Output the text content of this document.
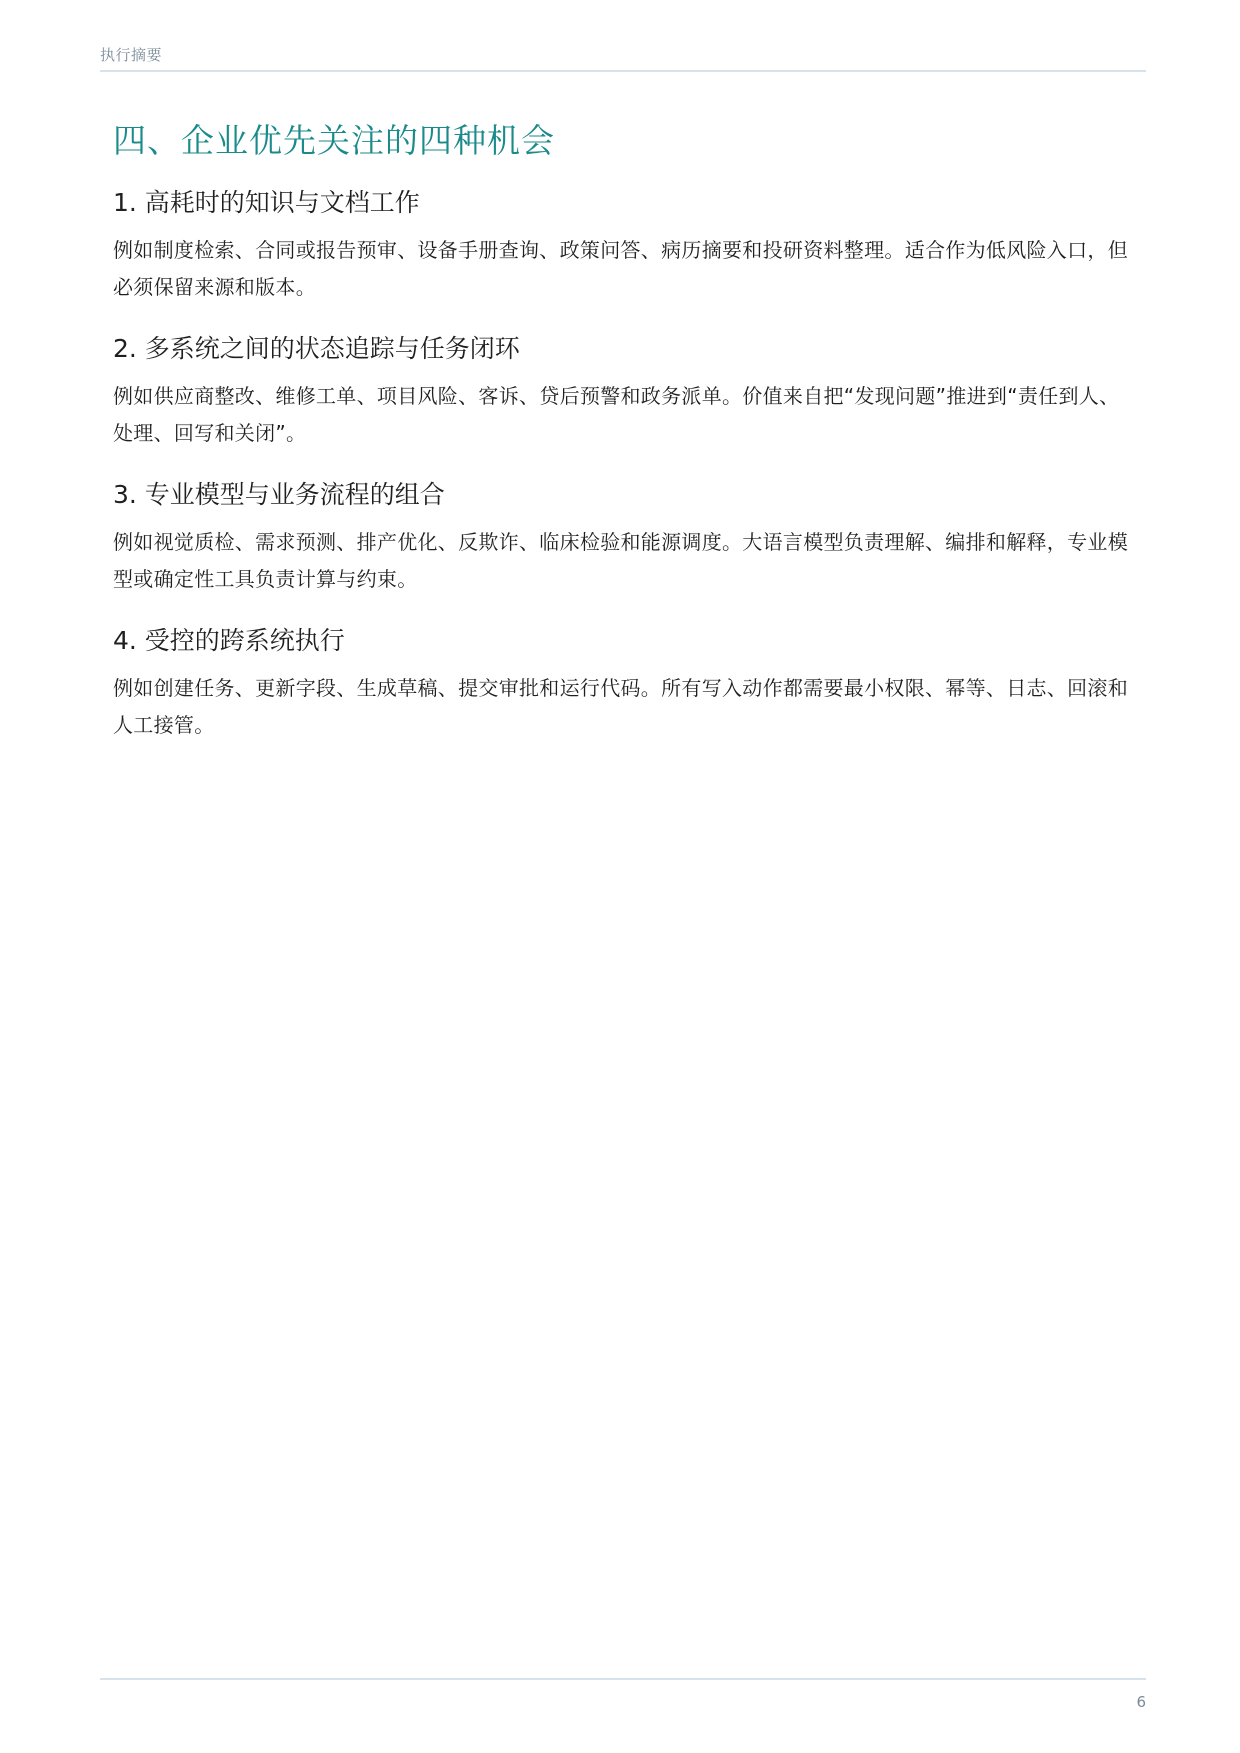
执行摘要
四、企业优先关注的四种机会
1. 高耗时的知识与文档工作

例如制度检索、合同或报告预审、设备手册查询、政策问答、病历摘要和投研资料整理。适合作为低风险入口，但必须保留来源和版本。

2. 多系统之间的状态追踪与任务闭环

例如供应商整改、维修工单、项目风险、客诉、贷后预警和政务派单。价值来自把“发现问题”推进到“责任到人、处理、回写和关闭”。

3. 专业模型与业务流程的组合

例如视觉质检、需求预测、排产优化、反欺诈、临床检验和能源调度。大语言模型负责理解、编排和解释，专业模型或确定性工具负责计算与约束。

4. 受控的跨系统执行

例如创建任务、更新字段、生成草稿、提交审批和运行代码。所有写入动作都需要最小权限、幂等、日志、回滚和人工接管。

6
